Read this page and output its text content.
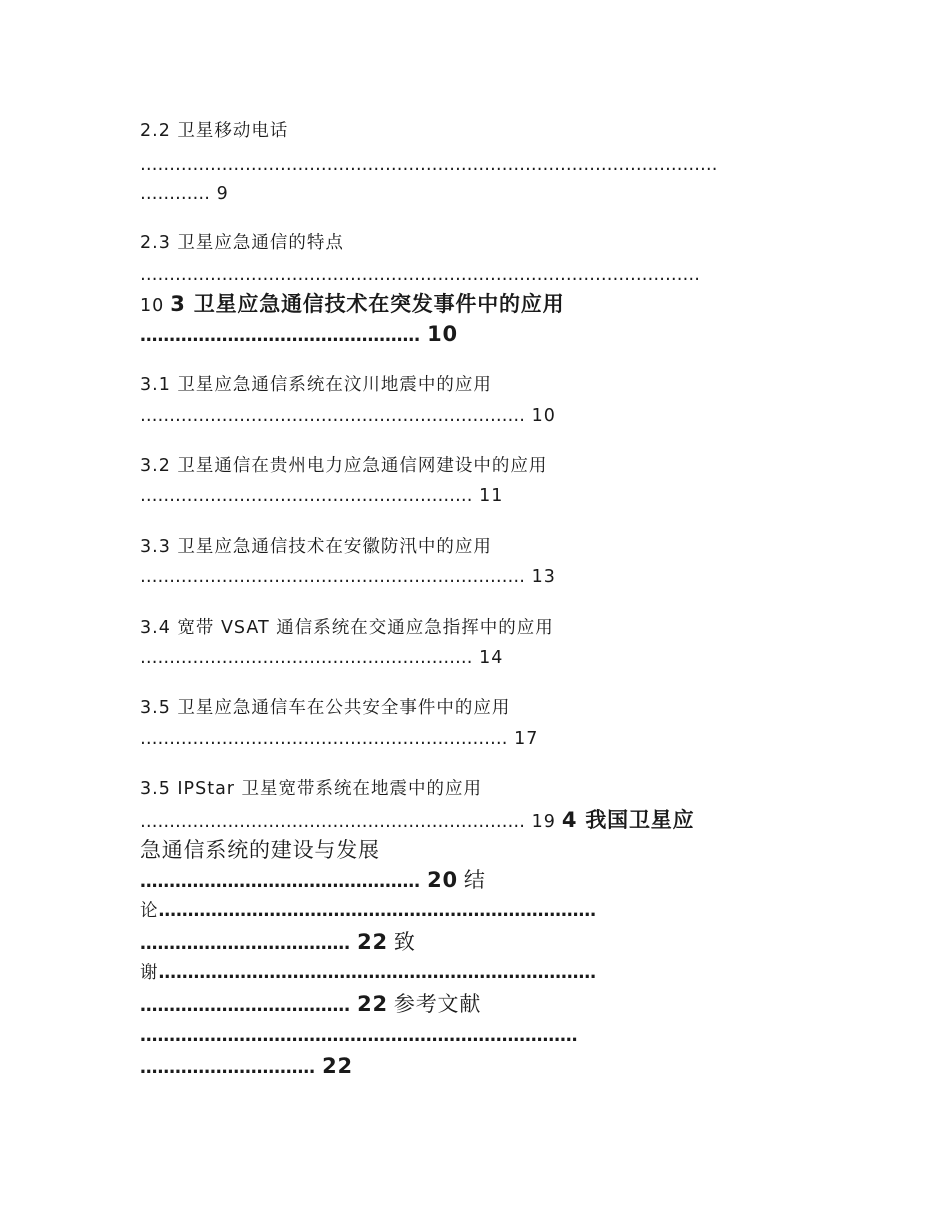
2.2 卫星移动电话
………………………………………………………………………………………
………… 9
2.3 卫星应急通信的特点
……………………………………………………………………………………
10 3 卫星应急通信技术在突发事件中的应用
………………………………………… 10
3.1 卫星应急通信系统在汶川地震中的应用
………………………………………………………… 10
3.2 卫星通信在贵州电力应急通信网建设中的应用
………………………………………………… 11
3.3 卫星应急通信技术在安徽防汛中的应用
………………………………………………………… 13
3.4 宽带 VSAT 通信系统在交通应急指挥中的应用
………………………………………………… 14
3.5 卫星应急通信车在公共安全事件中的应用
……………………………………………………… 17
3.5 IPStar 卫星宽带系统在地震中的应用
………………………………………………………… 19 4 我国卫星应
急通信系统的建设与发展
………………………………………… 20 结
论…………………………………………………………………
……………………………… 22 致
谢…………………………………………………………………
……………………………… 22 参考文献
…………………………………………………………………
………………………… 22
